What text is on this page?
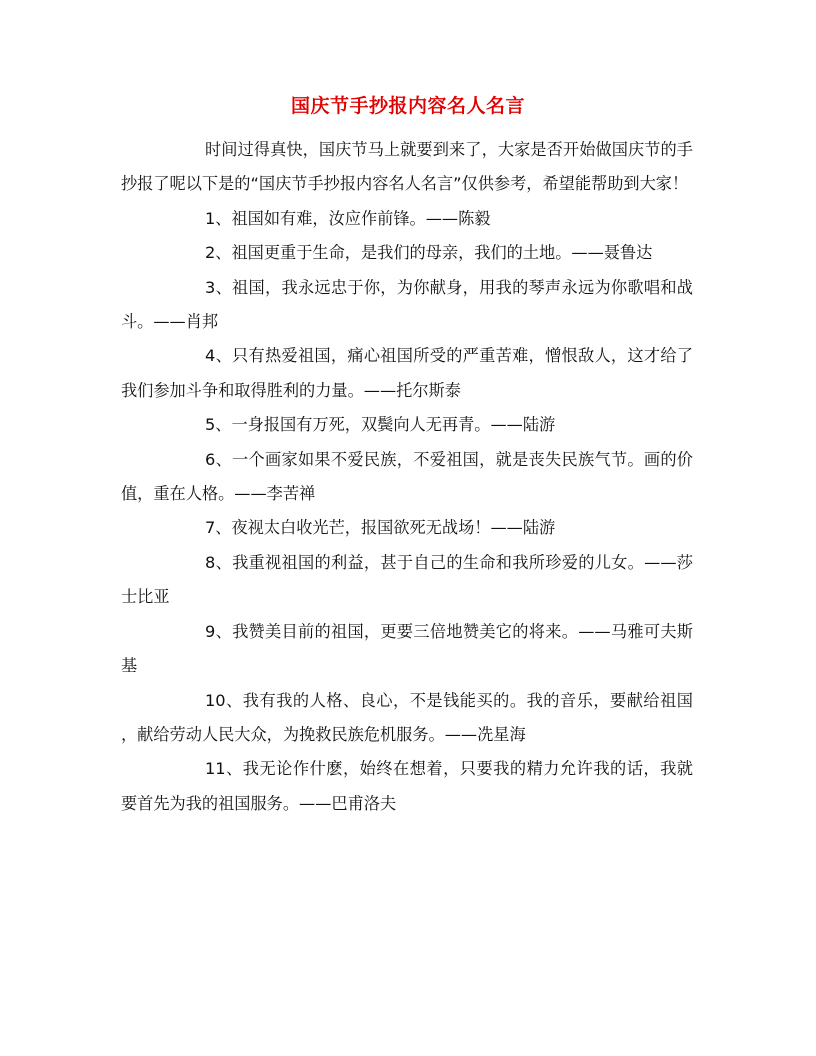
国庆节手抄报内容名人名言

时间过得真快，国庆节马上就要到来了，大家是否开始做国庆节的手抄报了呢以下是的“国庆节手抄报内容名人名言”仅供参考，希望能帮助到大家！

1、祖国如有难，汝应作前锋。——陈毅

2、祖国更重于生命，是我们的母亲，我们的土地。——聂鲁达

3、祖国，我永远忠于你，为你献身，用我的琴声永远为你歌唱和战斗。——肖邦

4、只有热爱祖国，痛心祖国所受的严重苦难，憎恨敌人，这才给了我们参加斗争和取得胜利的力量。——托尔斯泰

5、一身报国有万死，双鬓向人无再青。——陆游

6、一个画家如果不爱民族，不爱祖国，就是丧失民族气节。画的价值，重在人格。——李苦禅

7、夜视太白收光芒，报国欲死无战场！——陆游

8、我重视祖国的利益，甚于自己的生命和我所珍爱的儿女。——莎士比亚

9、我赞美目前的祖国，更要三倍地赞美它的将来。——马雅可夫斯基

10、我有我的人格、良心，不是钱能买的。我的音乐，要献给祖国，献给劳动人民大众，为挽救民族危机服务。——冼星海

11、我无论作什麽，始终在想着，只要我的精力允许我的话，我就要首先为我的祖国服务。——巴甫洛夫
